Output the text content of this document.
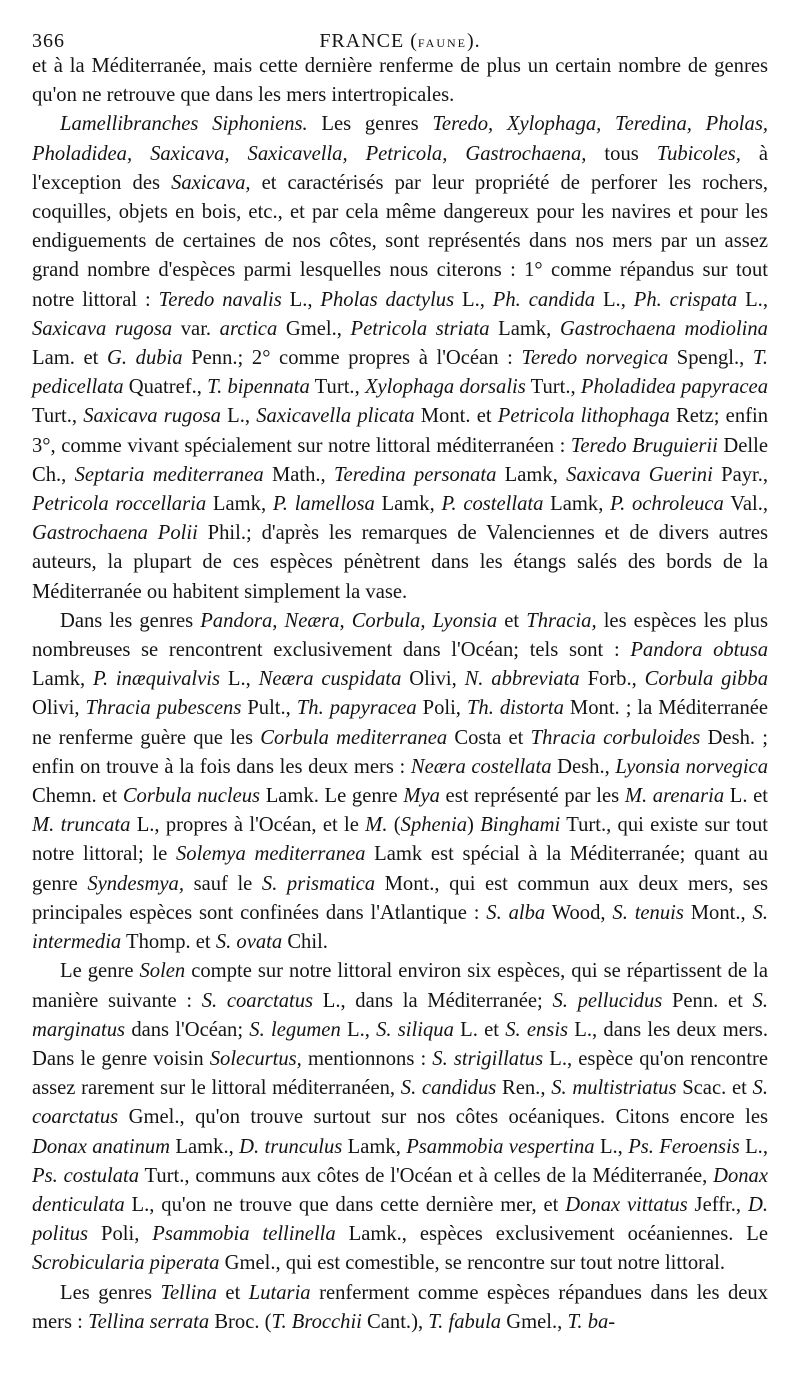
366	FRANCE (FAUNE).

et à la Méditerranée, mais cette dernière renferme de plus un certain nombre de genres qu'on ne retrouve que dans les mers intertropicales.

Lamellibranches Siphoniens. Les genres Teredo, Xylophaga, Teredina, Pholas, Pholadidea, Saxicava, Saxicavella, Petricola, Gastrochaena, tous Tubicoles, à l'exception des Saxicava, et caractérisés par leur propriété de perforer les rochers, coquilles, objets en bois, etc., et par cela même dangereux pour les navires et pour les endiguements de certaines de nos côtes, sont représentés dans nos mers par un assez grand nombre d'espèces parmi lesquelles nous citerons : 1° comme répandus sur tout notre littoral : Teredo navalis L., Pholas dactylus L., Ph. candida L., Ph. crispata L., Saxicava rugosa var. arctica Gmel., Petricola striata Lamk, Gastrochaena modiolina Lam. et G. dubia Penn.; 2° comme propres à l'Océan : Teredo norvegica Spengl., T. pedicellata Quatref., T. bipennata Turt., Xylophaga dorsalis Turt., Pholadidea papyracea Turt., Saxicava rugosa L., Saxicavella plicata Mont. et Petricola lithophaga Retz; enfin 3°, comme vivant spécialement sur notre littoral méditerranéen : Teredo Bruguierii Delle Ch., Septaria mediterranea Math., Teredina personata Lamk, Saxicava Guerini Payr., Petricola roccellaria Lamk, P. lamellosa Lamk, P. costellata Lamk, P. ochroleuca Val., Gastrochaena Polii Phil.; d'après les remarques de Valenciennes et de divers autres auteurs, la plupart de ces espèces pénètrent dans les étangs salés des bords de la Méditerranée ou habitent simplement la vase.

Dans les genres Pandora, Neæra, Corbula, Lyonsia et Thracia, les espèces les plus nombreuses se rencontrent exclusivement dans l'Océan; tels sont : Pandora obtusa Lamk, P. inæquivalvis L., Neæra cuspidata Olivi, N. abbreviata Forb., Corbula gibba Olivi, Thracia pubescens Pult., Th. papyracea Poli, Th. distorta Mont. ; la Méditerranée ne renferme guère que les Corbula mediterranea Costa et Thracia corbuloides Desh. ; enfin on trouve à la fois dans les deux mers : Neæra costellata Desh., Lyonsia norvegica Chemn. et Corbula nucleus Lamk. Le genre Mya est représenté par les M. arenaria L. et M. truncata L., propres à l'Océan, et le M. (Sphenia) Binghami Turt., qui existe sur tout notre littoral; le Solemya mediterranea Lamk est spécial à la Méditerranée; quant au genre Syndesmya, sauf le S. prismatica Mont., qui est commun aux deux mers, ses principales espèces sont confinées dans l'Atlantique : S. alba Wood, S. tenuis Mont., S. intermedia Thomp. et S. ovata Chil.

Le genre Solen compte sur notre littoral environ six espèces, qui se répartissent de la manière suivante : S. coarctatus L., dans la Méditerranée; S. pellucidus Penn. et S. marginatus dans l'Océan; S. legumen L., S. siliqua L. et S. ensis L., dans les deux mers. Dans le genre voisin Solecurtus, mentionnons : S. strigillatus L., espèce qu'on rencontre assez rarement sur le littoral méditerranéen, S. candidus Ren., S. multistriatus Scac. et S. coarctatus Gmel., qu'on trouve surtout sur nos côtes océaniques. Citons encore les Donax anatinum Lamk., D. trunculus Lamk, Psammobia vespertina L., Ps. Feroensis L., Ps. costulata Turt., communs aux côtes de l'Océan et à celles de la Méditerranée, Donax denticulata L., qu'on ne trouve que dans cette dernière mer, et Donax vittatus Jeffr., D. politus Poli, Psammobia tellinella Lamk., espèces exclusivement océaniennes. Le Scrobicularia piperata Gmel., qui est comestible, se rencontre sur tout notre littoral.

Les genres Tellina et Lutaria renferment comme espèces répandues dans les deux mers : Tellina serrata Broc. (T. Brocchii Cant.), T. fabula Gmel., T. ba-
